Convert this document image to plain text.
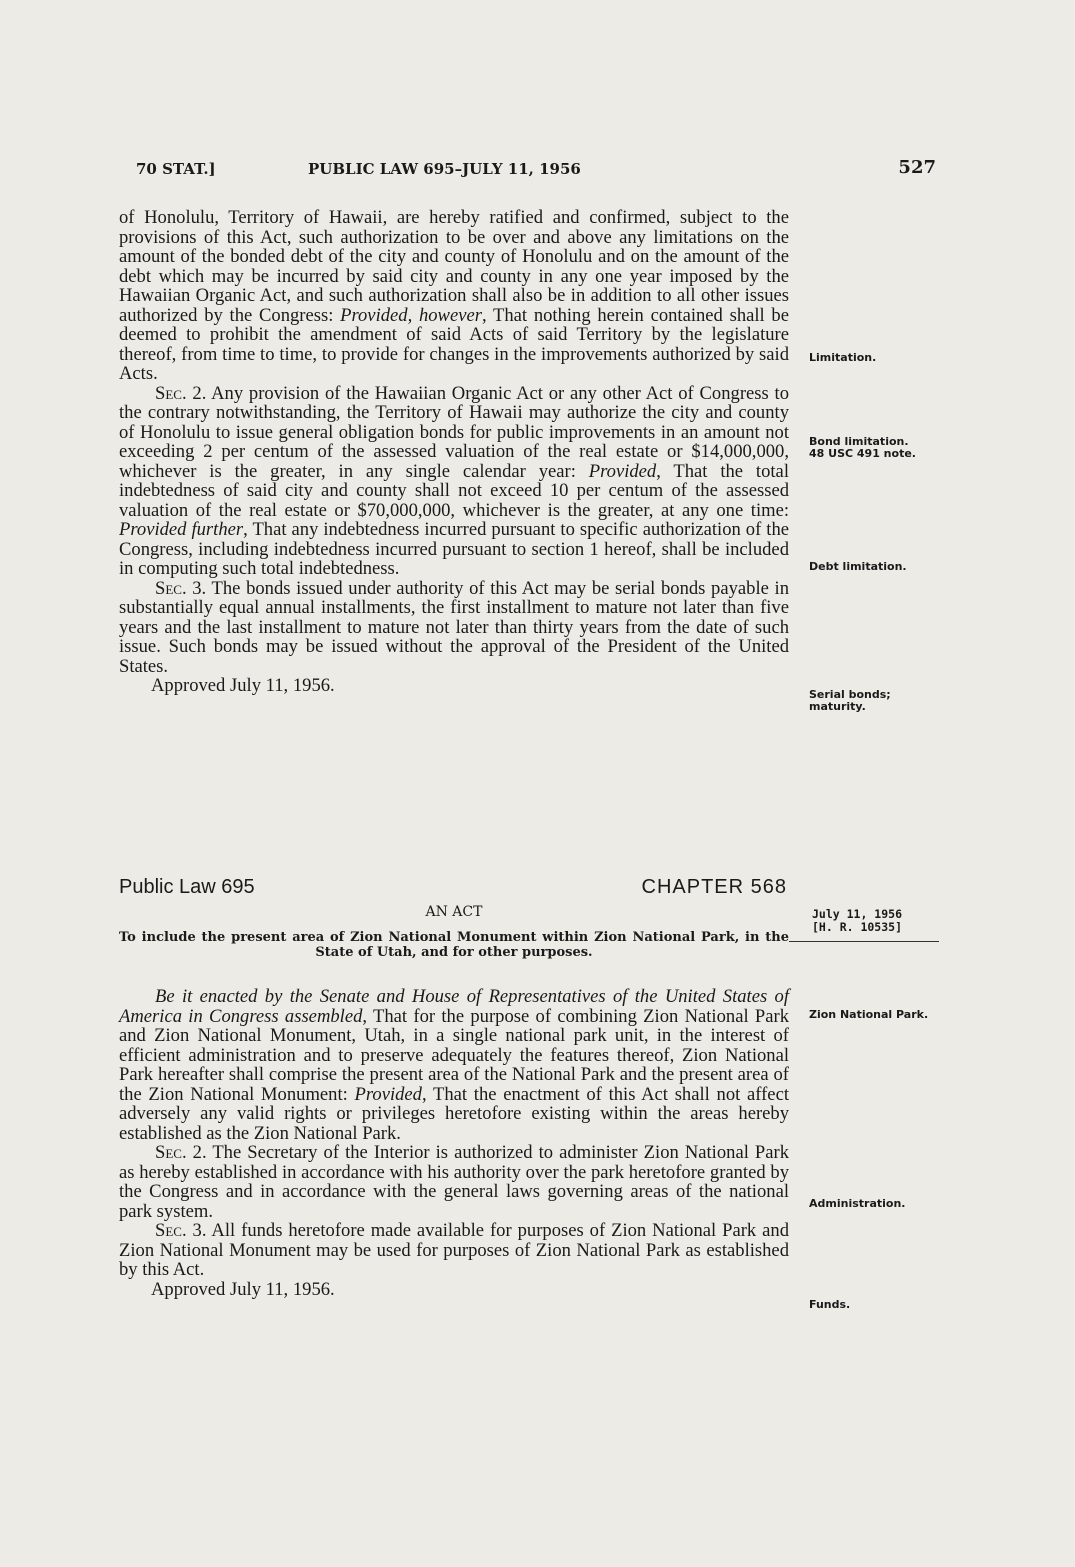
70 STAT.]	PUBLIC LAW 695–JULY 11, 1956	527

of Honolulu, Territory of Hawaii, are hereby ratified and confirmed, subject to the provisions of this Act, such authorization to be over and above any limitations on the amount of the bonded debt of the city and county of Honolulu and on the amount of the debt which may be incurred by said city and county in any one year imposed by the Hawaiian Organic Act, and such authorization shall also be in addition to all other issues authorized by the Congress: Provided, however, That nothing herein contained shall be deemed to prohibit the amendment of said Acts of said Territory by the legislature thereof, from time to time, to provide for changes in the improvements authorized by said Acts.

Sec. 2. Any provision of the Hawaiian Organic Act or any other Act of Congress to the contrary notwithstanding, the Territory of Hawaii may authorize the city and county of Honolulu to issue general obligation bonds for public improvements in an amount not exceeding 2 per centum of the assessed valuation of the real estate or $14,000,000, whichever is the greater, in any single calendar year: Provided, That the total indebtedness of said city and county shall not exceed 10 per centum of the assessed valuation of the real estate or $70,000,000, whichever is the greater, at any one time: Provided further, That any indebtedness incurred pursuant to specific authorization of the Congress, including indebtedness incurred pursuant to section 1 hereof, shall be included in computing such total indebtedness.

Sec. 3. The bonds issued under authority of this Act may be serial bonds payable in substantially equal annual installments, the first installment to mature not later than five years and the last installment to mature not later than thirty years from the date of such issue. Such bonds may be issued without the approval of the President of the United States.

Approved July 11, 1956.

Public Law 695	CHAPTER 568
AN ACT
To include the present area of Zion National Monument within Zion National Park, in the State of Utah, and for other purposes.
July 11, 1956
[H. R. 10535]

Be it enacted by the Senate and House of Representatives of the United States of America in Congress assembled, That for the purpose of combining Zion National Park and Zion National Monument, Utah, in a single national park unit, in the interest of efficient administration and to preserve adequately the features thereof, Zion National Park hereafter shall comprise the present area of the National Park and the present area of the Zion National Monument: Provided, That the enactment of this Act shall not affect adversely any valid rights or privileges heretofore existing within the areas hereby established as the Zion National Park.

Sec. 2. The Secretary of the Interior is authorized to administer Zion National Park as hereby established in accordance with his authority over the park heretofore granted by the Congress and in accordance with the general laws governing areas of the national park system.

Sec. 3. All funds heretofore made available for purposes of Zion National Park and Zion National Monument may be used for purposes of Zion National Park as established by this Act.

Approved July 11, 1956.

Limitation.
Bond limitation.
48 USC 491 note.
Debt limitation.
Serial bonds; maturity.
Zion National Park.
Administration.
Funds.
